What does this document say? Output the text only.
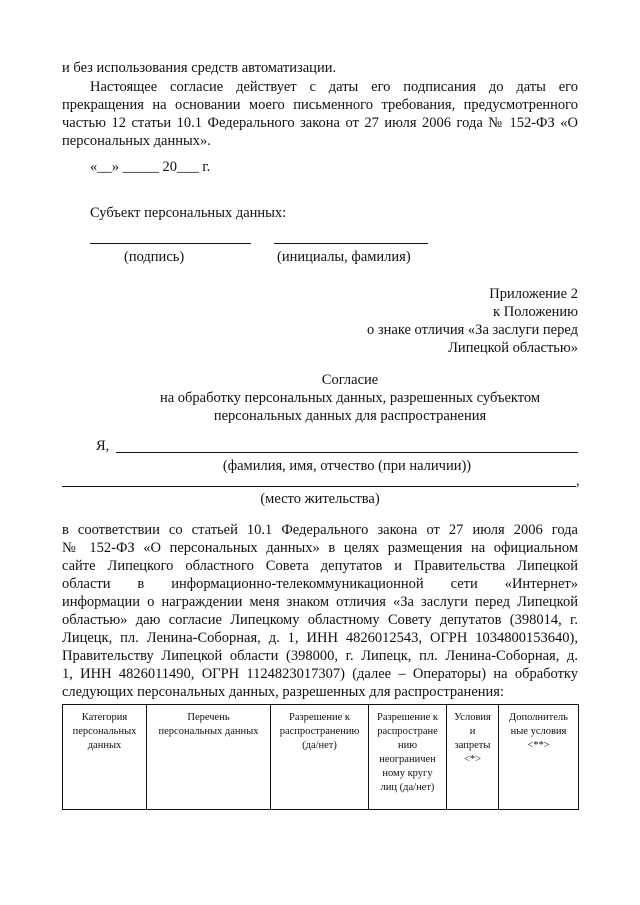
и без использования средств автоматизации.
Настоящее согласие действует с даты его подписания до даты его
прекращения на основании моего письменного требования, предусмотренного
частью 12 статьи 10.1 Федерального закона от 27 июля 2006 года № 152-ФЗ «О
персональных данных».
«__» _____ 20___ г.
Субъект персональных данных:
(подпись)	(инициалы, фамилия)
Приложение 2
к Положению
о знаке отличия «За заслуги перед
Липецкой областью»
Согласие
на обработку персональных данных, разрешенных субъектом
персональных данных для распространения
Я,
(фамилия, имя, отчество (при наличии))
,
(место жительства)
в соответствии со статьей 10.1 Федерального закона от 27 июля 2006 года
№ 152-ФЗ «О персональных данных» в целях размещения на официальном
сайте Липецкого областного Совета депутатов и Правительства Липецкой
области в информационно-телекоммуникационной сети «Интернет»
информации о награждении меня знаком отличия «За заслуги перед Липецкой
областью» даю согласие Липецкому областному Совету депутатов (398014, г.
Лицецк, пл. Ленина-Соборная, д. 1, ИНН 4826012543, ОГРН 1034800153640),
Правительству Липецкой области (398000, г. Липецк, пл. Ленина-Соборная, д.
1, ИНН 4826011490, ОГРН 1124823017307) (далее – Операторы) на обработку
следующих персональных данных, разрешенных для распространения:
Категория
персональных
данных	Перечень
персональных данных	Разрешение к
распространению
(да/нет)	Разрешение к
распростране
нию
неограничен
ному кругу
лиц (да/нет)	Условия
и
запреты
<*>	Дополнитель
ные условия
<**>
